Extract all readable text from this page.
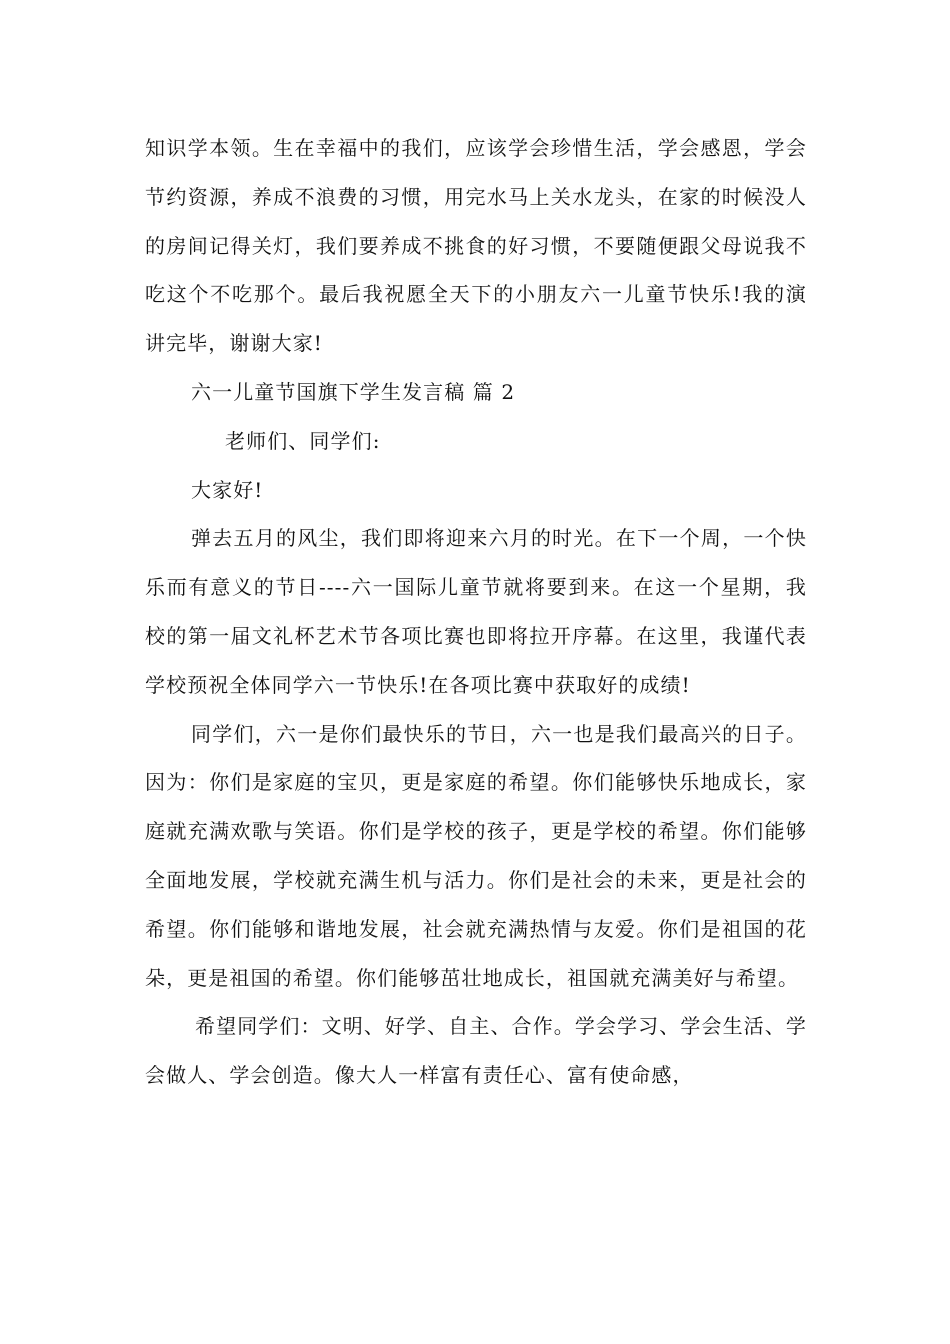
知识学本领。生在幸福中的我们，应该学会珍惜生活，学会感恩，学会节约资源，养成不浪费的习惯，用完水马上关水龙头，在家的时候没人的房间记得关灯，我们要养成不挑食的好习惯，不要随便跟父母说我不吃这个不吃那个。最后我祝愿全天下的小朋友六一儿童节快乐!我的演讲完毕，谢谢大家!

六一儿童节国旗下学生发言稿 篇 2

老师们、同学们:

大家好!

弹去五月的风尘，我们即将迎来六月的时光。在下一个周，一个快乐而有意义的节日----六一国际儿童节就将要到来。在这一个星期，我校的第一届文礼杯艺术节各项比赛也即将拉开序幕。在这里，我谨代表学校预祝全体同学六一节快乐!在各项比赛中获取好的成绩!

同学们，六一是你们最快乐的节日，六一也是我们最高兴的日子。因为：你们是家庭的宝贝，更是家庭的希望。你们能够快乐地成长，家庭就充满欢歌与笑语。你们是学校的孩子，更是学校的希望。你们能够全面地发展，学校就充满生机与活力。你们是社会的未来，更是社会的希望。你们能够和谐地发展，社会就充满热情与友爱。你们是祖国的花朵，更是祖国的希望。你们能够茁壮地成长，祖国就充满美好与希望。

希望同学们：文明、好学、自主、合作。学会学习、学会生活、学会做人、学会创造。像大人一样富有责任心、富有使命感，
